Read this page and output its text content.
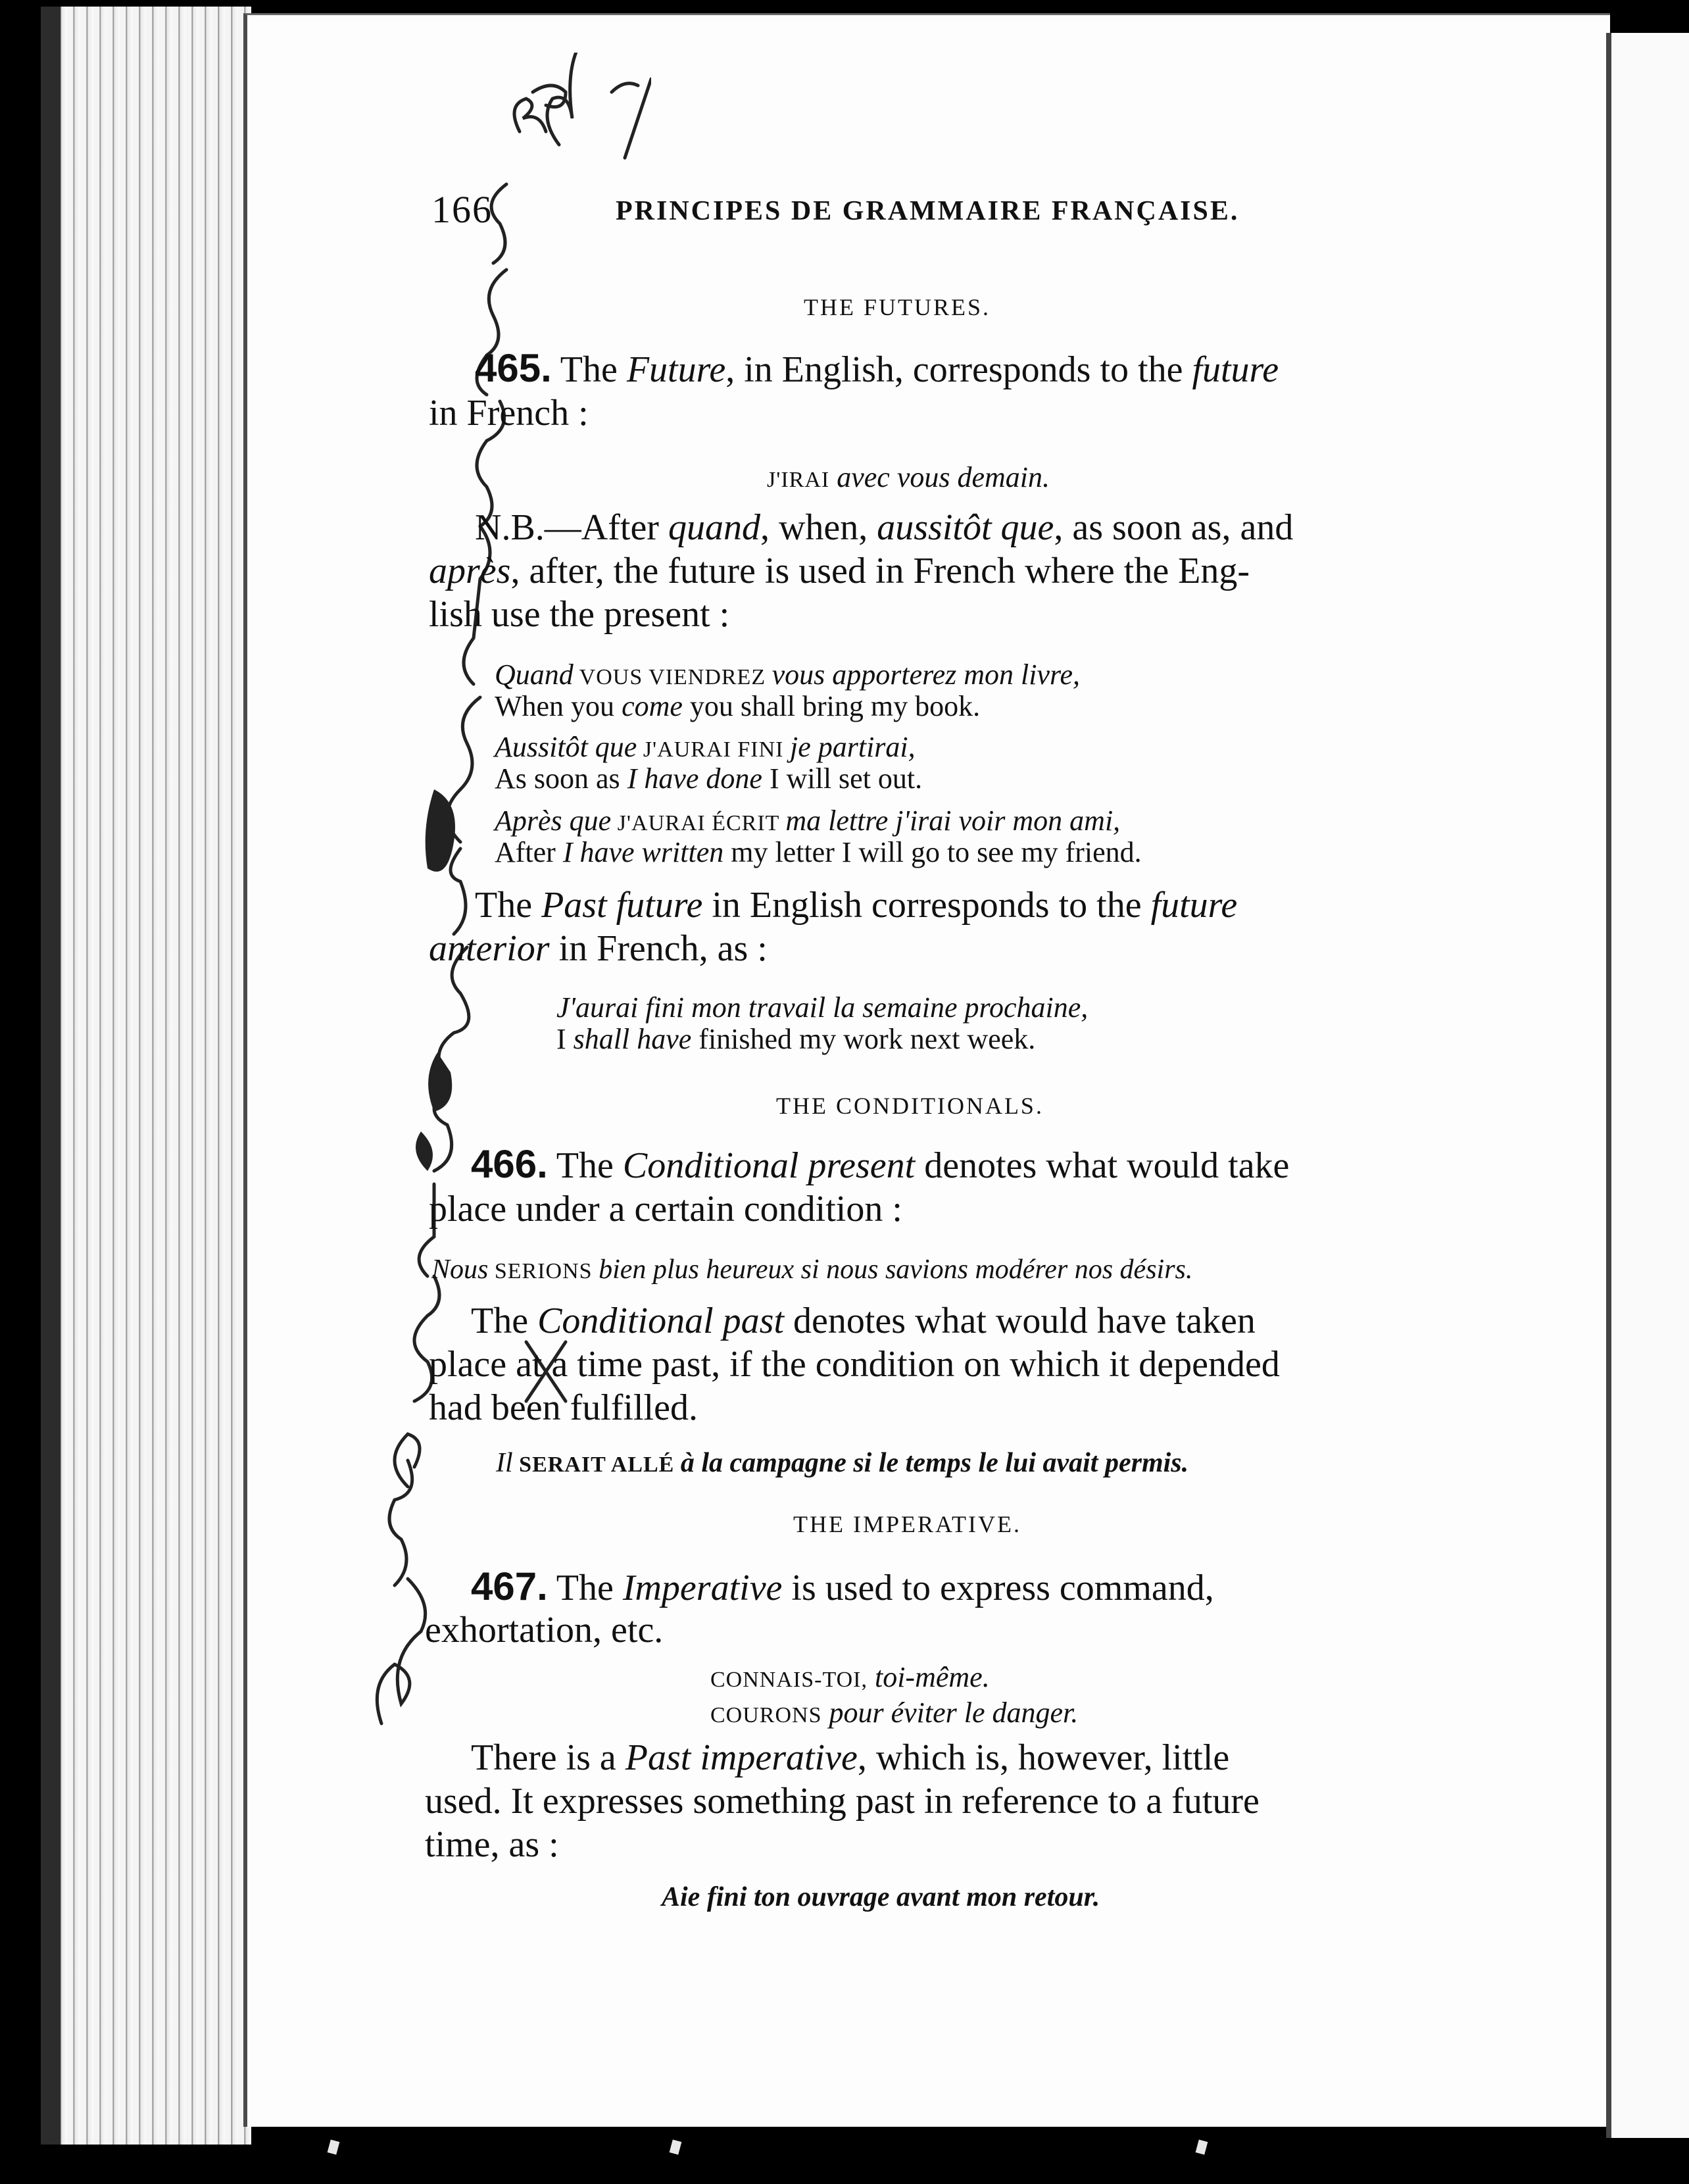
166	PRINCIPES DE GRAMMAIRE FRANÇAISE.
THE FUTURES.
465. The Future, in English, corresponds to the future
in French :
J'IRAI avec vous demain.
N.B.—After quand, when, aussitôt que, as soon as, and
après, after, the future is used in French where the Eng-
lish use the present :
Quand VOUS VIENDREZ vous apporterez mon livre,
When you come you shall bring my book.
Aussitôt que J'AURAI FINI je partirai,
As soon as I have done I will set out.
Après que J'AURAI ÉCRIT ma lettre j'irai voir mon ami,
After I have written my letter I will go to see my friend.
The Past future in English corresponds to the future
anterior in French, as :
J'aurai fini mon travail la semaine prochaine,
I shall have finished my work next week.
THE CONDITIONALS.
466. The Conditional present denotes what would take
place under a certain condition :
Nous SERIONS bien plus heureux si nous savions modérer nos désirs.
The Conditional past denotes what would have taken
place at a time past, if the condition on which it depended
had been fulfilled.
Il SERAIT ALLÉ à la campagne si le temps le lui avait permis.
THE IMPERATIVE.
467. The Imperative is used to express command,
exhortation, etc.
CONNAIS-TOI, toi-même.
COURONS pour éviter le danger.
There is a Past imperative, which is, however, little
used. It expresses something past in reference to a future
time, as :
Aie fini ton ouvrage avant mon retour.
